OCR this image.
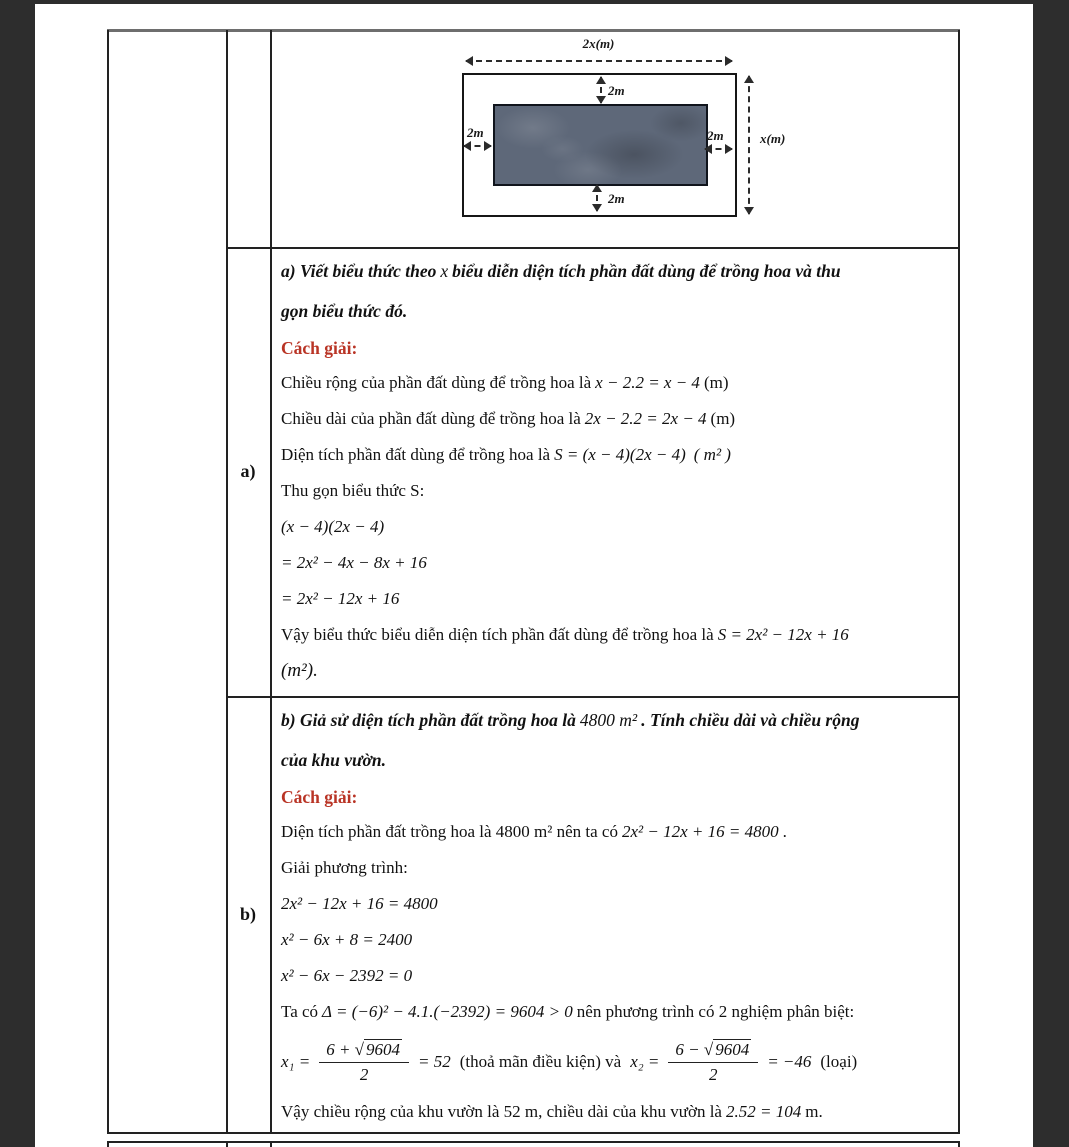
2x(m)
2m
2m	2m
2m
x(m)
a)
b)

a) Viết biểu thức theo x biểu diễn diện tích phần đất dùng để trồng hoa và thu

gọn biểu thức đó.

Cách giải:

Chiều rộng của phần đất dùng để trồng hoa là x − 2.2 = x − 4 (m)

Chiều dài của phần đất dùng để trồng hoa là 2x − 2.2 = 2x − 4 (m)

Diện tích phần đất dùng để trồng hoa là S = (x − 4)(2x − 4) ( m² )

Thu gọn biểu thức S:

(x − 4)(2x − 4)

= 2x² − 4x − 8x + 16

= 2x² − 12x + 16

Vậy biểu thức biểu diễn diện tích phần đất dùng để trồng hoa là S = 2x² − 12x + 16

(m²).

b) Giả sử diện tích phần đất trồng hoa là 4800 m² . Tính chiều dài và chiều rộng

của khu vườn.

Cách giải:

Diện tích phần đất trồng hoa là 4800 m² nên ta có 2x² − 12x + 16 = 4800 .

Giải phương trình:

2x² − 12x + 16 = 4800

x² − 6x + 8 = 2400

x² − 6x − 2392 = 0

Ta có Δ = (−6)² − 4.1.(−2392) = 9604 > 0 nên phương trình có 2 nghiệm phân biệt:

$x_1 = \frac{6 + √ 9604}{2} = 52$ (thoả mãn điều kiện) và $x_2 = \frac{6 - √ 9604}{2} = -46$ (loại)

Vậy chiều rộng của khu vườn là 52 m, chiều dài của khu vườn là 2.52 = 104 m.
